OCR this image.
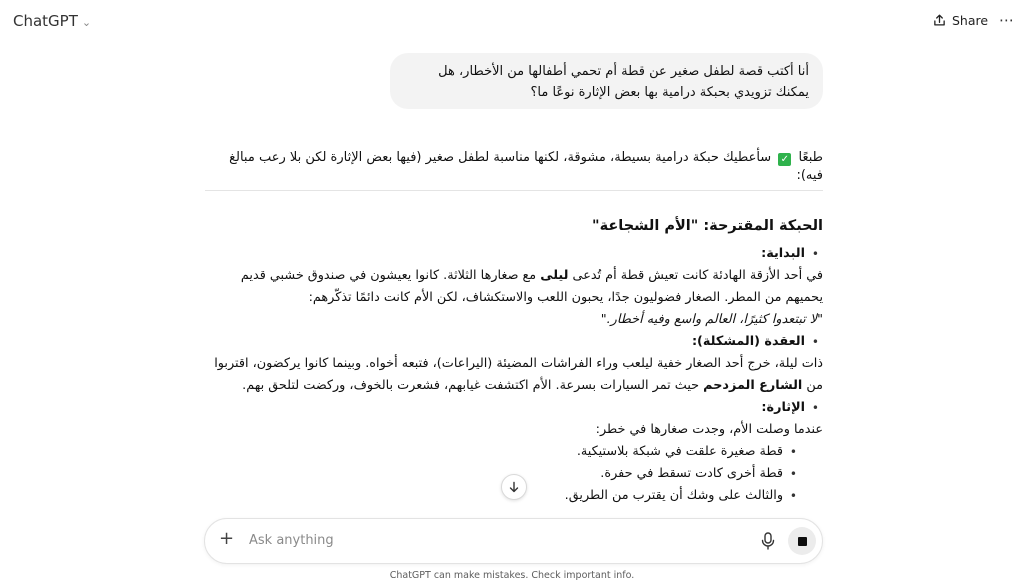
ChatGPT ⌄	Share ⋯
أنا أكتب قصة لطفل صغير عن قطة أم تحمي أطفالها من الأخطار، هل يمكنك تزويدي بحبكة درامية بها بعض الإثارة نوعًا ما؟
طبعًا ✓ سأعطيك حبكة درامية بسيطة، مشوقة، لكنها مناسبة لطفل صغير (فيها بعض الإثارة لكن بلا رعب مبالغ فيه):
الحبكة المقترحة: "الأم الشجاعة"
• البداية:

في أحد الأزقة الهادئة كانت تعيش قطة أم تُدعى ليلى مع صغارها الثلاثة. كانوا يعيشون في صندوق خشبي قديم يحميهم من المطر. الصغار فضوليون جدًا، يحبون اللعب والاستكشاف، لكن الأم كانت دائمًا تذكّرهم:

"لا تبتعدوا كثيرًا، العالم واسع وفيه أخطار."

• العقدة (المشكلة):

ذات ليلة، خرج أحد الصغار خفية ليلعب وراء الفراشات المضيئة (اليراعات)، فتبعه أخواه. وبينما كانوا يركضون، اقتربوا من الشارع المزدحم حيث تمر السيارات بسرعة. الأم اكتشفت غيابهم، فشعرت بالخوف، وركضت لتلحق بهم.

• الإثارة:

عندما وصلت الأم، وجدت صغارها في خطر:

• قطة صغيرة علقت في شبكة بلاستيكية.
• قطة أخرى كادت تسقط في حفرة.
• والثالث على وشك أن يقترب من الطريق.
+
Ask anything
ChatGPT can make mistakes. Check important info.
